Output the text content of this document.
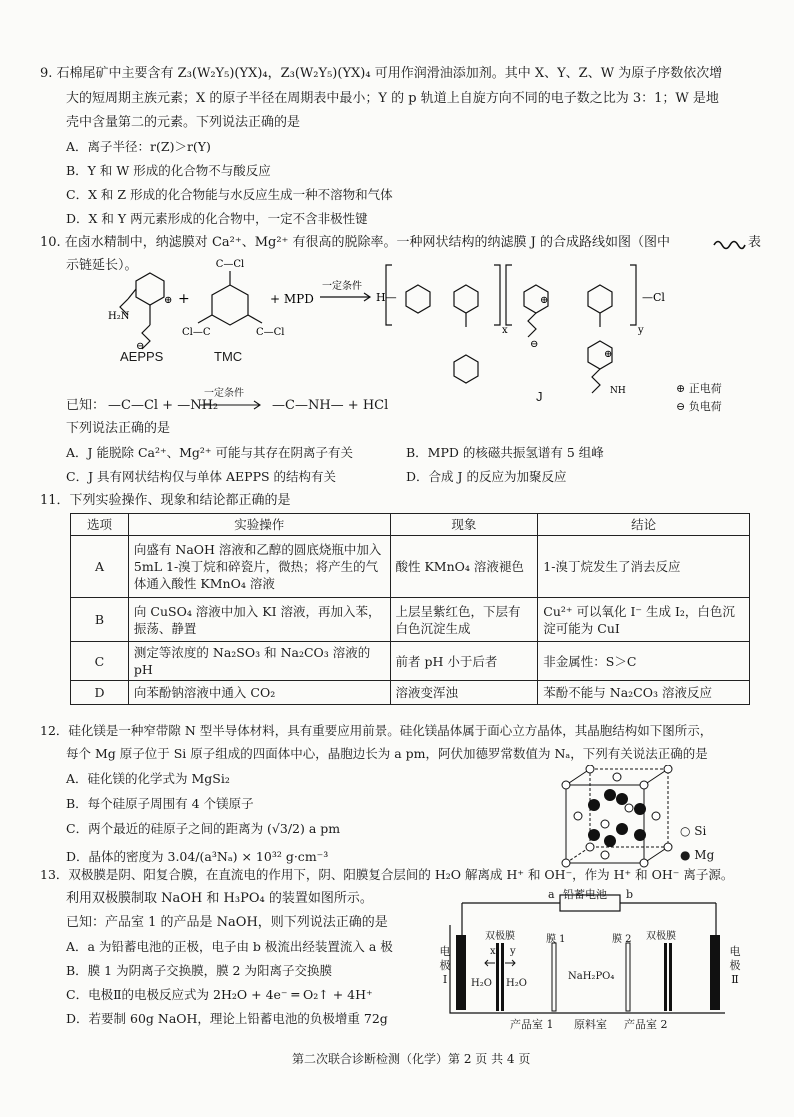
9. 石棉尾矿中主要含有 Z₃(W₂Y₅)(YX)₄，Z₃(W₂Y₅)(YX)₄ 可用作润滑油添加剂。其中 X、Y、Z、W 为原子序数依次增
大的短周期主族元素；X 的原子半径在周期表中最小；Y 的 p 轨道上自旋方向不同的电子数之比为 3：1；W 是地
壳中含量第二的元素。下列说法正确的是
A．离子半径：r(Z)＞r(Y)
B．Y 和 W 形成的化合物不与酸反应
C．X 和 Z 形成的化合物能与水反应生成一种不溶物和气体
D．X 和 Y 两元素形成的化合物中，一定不含非极性键
10. 在卤水精制中，纳滤膜对 Ca²⁺、Mg²⁺ 有很高的脱除率。一种网状结构的纳滤膜 J 的合成路线如图（图中	表
示链延长）。
⊕
⊖
H₂N
C—Cl
Cl—C	C—Cl
+	+ MPD
一定条件
H—
x	y
—Cl
⊕
⊕
⊖
NH
AEPPS	TMC
J
⊕ 正电荷
⊖ 负电荷
已知： —C—Cl + —NH₂
一定条件
—C—NH— + HCl
下列说法正确的是
A．J 能脱除 Ca²⁺、Mg²⁺ 可能与其存在阴离子有关	B．MPD 的核磁共振氢谱有 5 组峰
C．J 具有网状结构仅与单体 AEPPS 的结构有关	D．合成 J 的反应为加聚反应
11．下列实验操作、现象和结论都正确的是
选项	实验操作	现象	结论
A	向盛有 NaOH 溶液和乙醇的圆底烧瓶中加入 5mL 1-溴丁烷和碎瓷片，微热；将产生的气体通入酸性 KMnO₄ 溶液	酸性 KMnO₄ 溶液褪色	1-溴丁烷发生了消去反应
B	向 CuSO₄ 溶液中加入 KI 溶液，再加入苯，振荡、静置	上层呈紫红色，下层有白色沉淀生成	Cu²⁺ 可以氧化 I⁻ 生成 I₂，白色沉淀可能为 CuI
C	测定等浓度的 Na₂SO₃ 和 Na₂CO₃ 溶液的 pH	前者 pH 小于后者	非金属性：S＞C
D	向苯酚钠溶液中通入 CO₂	溶液变浑浊	苯酚不能与 Na₂CO₃ 溶液反应
12．硅化镁是一种窄带隙 N 型半导体材料，具有重要应用前景。硅化镁晶体属于面心立方晶体，其晶胞结构如下图所示，
每个 Mg 原子位于 Si 原子组成的四面体中心，晶胞边长为 a pm，阿伏加德罗常数值为 Nₐ，下列有关说法正确的是
A．硅化镁的化学式为 MgSi₂
B．每个硅原子周围有 4 个镁原子
C．两个最近的硅原子之间的距离为 (√3/2) a pm
D．晶体的密度为 3.04/(a³Nₐ) × 10³² g·cm⁻³
○ Si
● Mg
13．双极膜是阴、阳复合膜，在直流电的作用下，阴、阳膜复合层间的 H₂O 解离成 H⁺ 和 OH⁻，作为 H⁺ 和 OH⁻ 离子源。
利用双极膜制取 NaOH 和 H₃PO₄ 的装置如图所示。
已知：产品室 1 的产品是 NaOH，则下列说法正确的是
A．a 为铅蓄电池的正极，电子由 b 极流出经装置流入 a 极
B．膜 1 为阴离子交换膜，膜 2 为阳离子交换膜
C．电极Ⅱ的电极反应式为 2H₂O + 4e⁻ ═ O₂↑ + 4H⁺
D．若要制 60g NaOH，理论上铅蓄电池的负极增重 72g
铅蓄电池
a	b
双极膜	双极膜
膜 1	膜 2
x y
H₂O H₂O
NaH₂PO₄
电
极
Ⅰ
电
极
Ⅱ
产品室 1 原料室 产品室 2
第二次联合诊断检测（化学）第 2 页 共 4 页
